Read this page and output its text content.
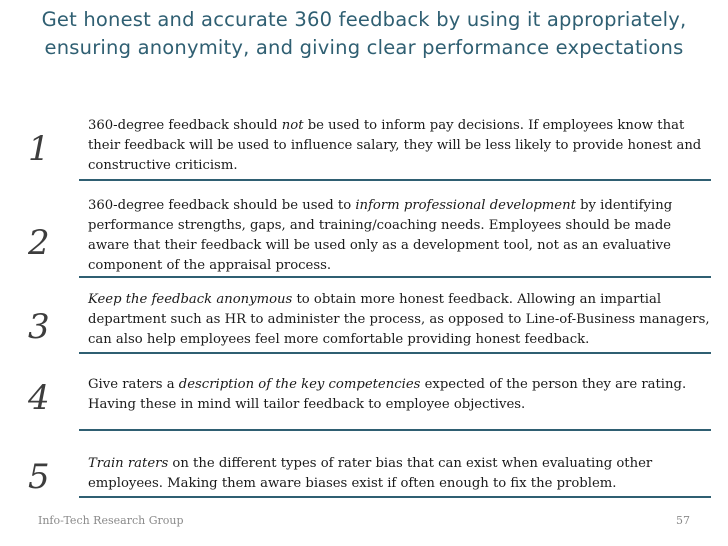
Get honest and accurate 360 feedback by using it appropriately,
ensuring anonymity, and giving clear performance expectations
1
360-degree feedback should not be used to inform pay decisions. If employees know that their feedback will be used to influence salary, they will be less likely to provide honest and constructive criticism.
2
360-degree feedback should be used to inform professional development by identifying performance strengths, gaps, and training/coaching needs. Employees should be made aware that their feedback will be used only as a development tool, not as an evaluative component of the appraisal process.
3
Keep the feedback anonymous to obtain more honest feedback. Allowing an impartial department such as HR to administer the process, as opposed to Line-of-Business managers, can also help employees feel more comfortable providing honest feedback.
4	Give raters a description of the key competencies expected of the person they are rating. Having these in mind will tailor feedback to employee objectives.
5	Train raters on the different types of rater bias that can exist when evaluating other employees. Making them aware biases exist if often enough to fix the problem.
Info-Tech Research Group	57
